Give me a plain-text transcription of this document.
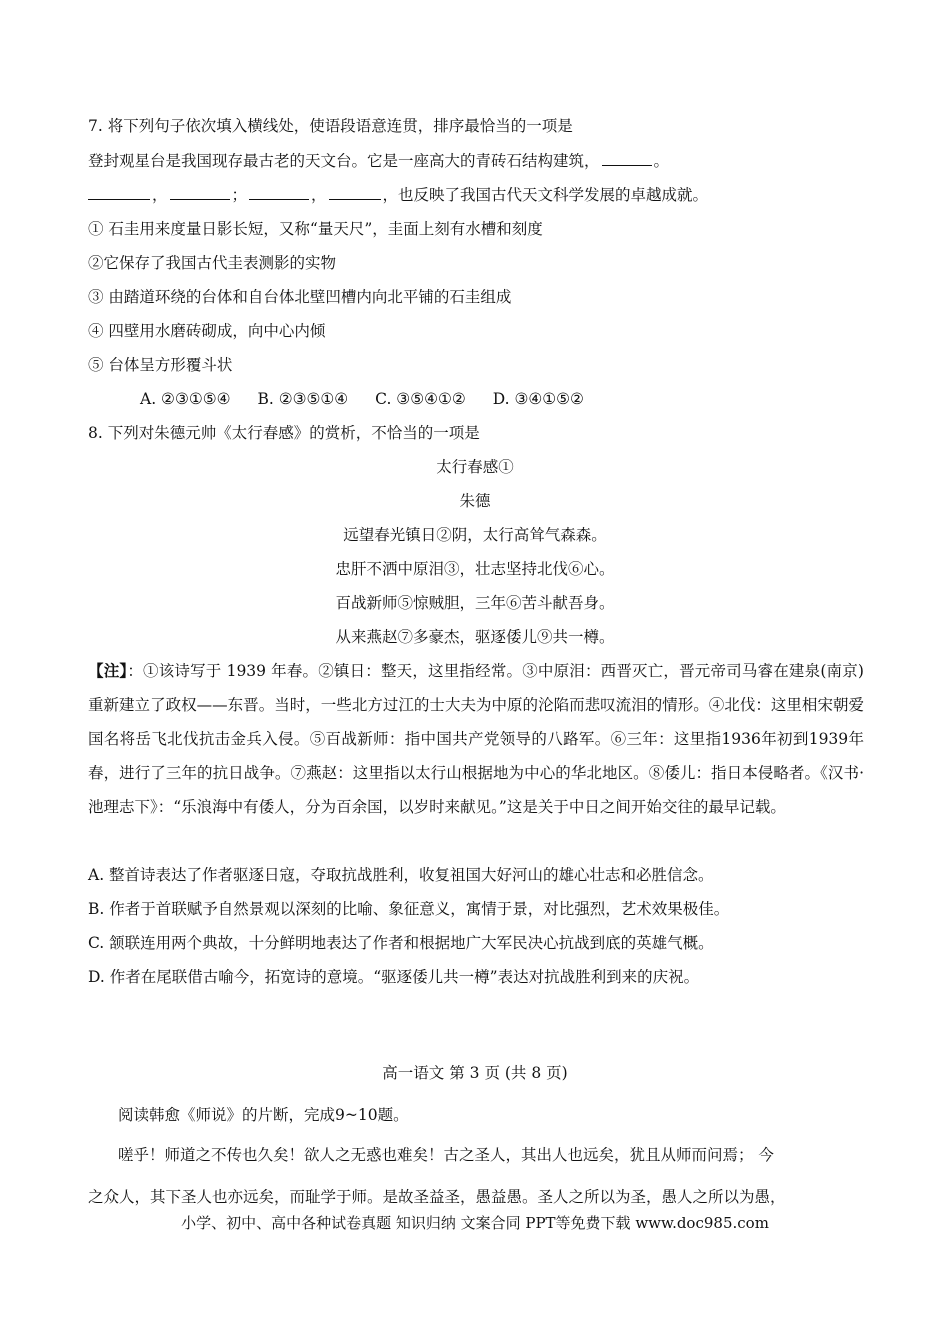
7. 将下列句子依次填入横线处，使语段语意连贯，排序最恰当的一项是
登封观星台是我国现存最古老的天文台。它是一座高大的青砖石结构建筑，	。
，	；	，	，也反映了我国古代天文科学发展的卓越成就。
① 石圭用来度量日影长短，又称“量天尺”，圭面上刻有水槽和刻度
②它保存了我国古代圭表测影的实物
③ 由踏道环绕的台体和自台体北壁凹槽内向北平铺的石圭组成
④ 四壁用水磨砖砌成，向中心内倾
⑤ 台体呈方形覆斗状
A. ②③①⑤④ B. ②③⑤①④ C. ③⑤④①② D. ③④①⑤②
8. 下列对朱德元帅《太行春感》的赏析，不恰当的一项是
太行春感①
朱德
远望春光镇日②阴，太行高耸气森森。
忠肝不洒中原泪③，壮志坚持北伐⑥心。
百战新师⑤惊贼胆，三年⑥苦斗献吾身。
从来燕赵⑦多豪杰，驱逐倭儿⑨共一樽。
【注】：①该诗写于 1939 年春。②镇日：整天，这里指经常。③中原泪：西晋灭亡，晋元帝司马睿在建泉(南京) 重新建立了政权——东晋。当时，一些北方过江的士大夫为中原的沦陷而悲叹流泪的情形。④北伐：这里相宋朝爱国名将岳飞北伐抗击金兵入侵。⑤百战新师：指中国共产党领导的八路军。⑥三年：这里指1936年初到1939年春，进行了三年的抗日战争。⑦燕赵：这里指以太行山根据地为中心的华北地区。⑧倭儿：指日本侵略者。《汉书·池理志下》：“乐浪海中有倭人，分为百余国，以岁时来献见。”这是关于中日之间开始交往的最早记载。
A. 整首诗表达了作者驱逐日寇，夺取抗战胜利，收复祖国大好河山的雄心壮志和必胜信念。
B. 作者于首联赋予自然景观以深刻的比喻、象征意义，寓情于景，对比强烈，艺术效果极佳。
C. 颔联连用两个典故，十分鲜明地表达了作者和根据地广大军民决心抗战到底的英雄气概。
D. 作者在尾联借古喻今，拓宽诗的意境。“驱逐倭儿共一樽”表达对抗战胜利到来的庆祝。
高一语文 第 3 页 (共 8 页)
阅读韩愈《师说》的片断，完成9~10题。
嗟乎！师道之不传也久矣！欲人之无惑也难矣！古之圣人，其出人也远矣，犹且从师而问焉； 今
之众人，其下圣人也亦远矣，而耻学于师。是故圣益圣，愚益愚。圣人之所以为圣，愚人之所以为愚，
小学、初中、高中各种试卷真题 知识归纳 文案合同 PPT等免费下载 www.doc985.com
